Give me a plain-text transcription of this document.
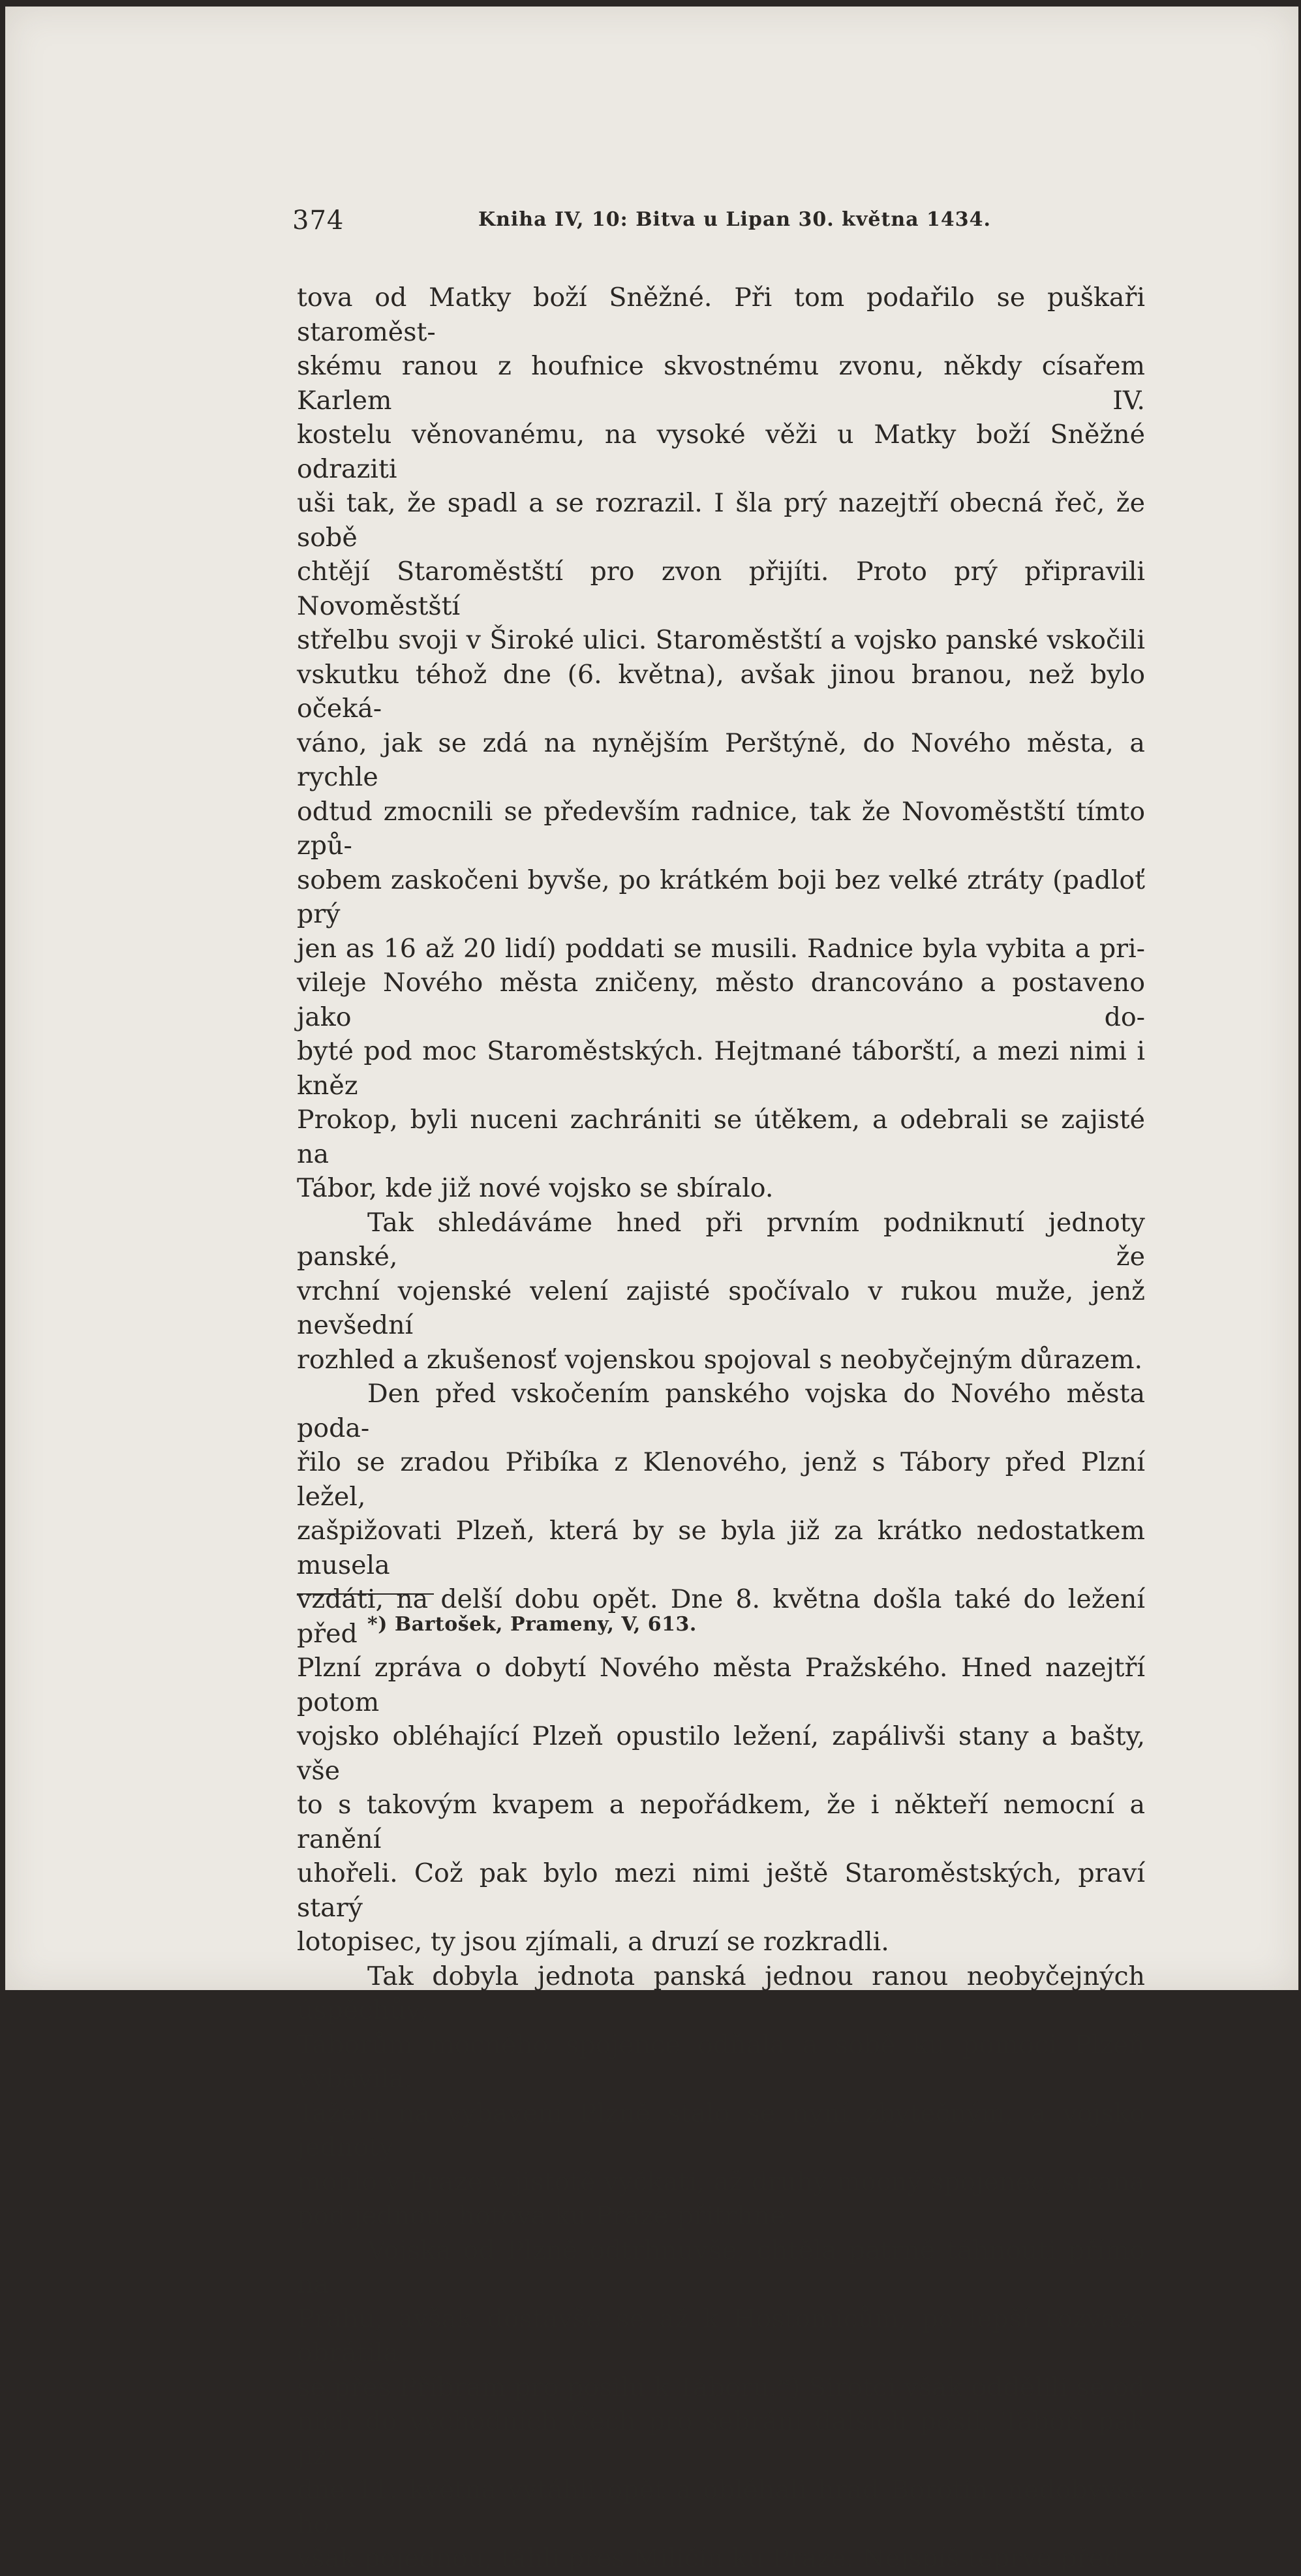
374	Kniha IV, 10: Bitva u Lipan 30. května 1434.

tova od Matky boží Sněžné. Při tom podařilo se puškaři staroměst-
skému ranou z houfnice skvostnému zvonu, někdy císařem Karlem IV.
kostelu věnovanému, na vysoké věži u Matky boží Sněžné odraziti
uši tak, že spadl a se rozrazil. I šla prý nazejtří obecná řeč, že sobě
chtějí Staroměstští pro zvon přijíti. Proto prý připravili Novoměstští
střelbu svoji v Široké ulici. Staroměstští a vojsko panské vskočili
vskutku téhož dne (6. května), avšak jinou branou, než bylo očeká-
váno, jak se zdá na nynějším Perštýně, do Nového města, a rychle
odtud zmocnili se především radnice, tak že Novoměstští tímto způ-
sobem zaskočeni byvše, po krátkém boji bez velké ztráty (padloť prý
jen as 16 až 20 lidí) poddati se musili. Radnice byla vybita a pri-
vileje Nového města zničeny, město drancováno a postaveno jako do-
byté pod moc Staroměstských. Hejtmané táborští, a mezi nimi i kněz
Prokop, byli nuceni zachrániti se útěkem, a odebrali se zajisté na
Tábor, kde již nové vojsko se sbíralo.

Tak shledáváme hned při prvním podniknutí jednoty panské, že
vrchní vojenské velení zajisté spočívalo v rukou muže, jenž nevšední
rozhled a zkušenosť vojenskou spojoval s neobyčejným důrazem.

Den před vskočením panského vojska do Nového města poda-
řilo se zradou Přibíka z Klenového, jenž s Tábory před Plzní ležel,
zašpižovati Plzeň, která by se byla již za krátko nedostatkem musela
vzdáti, na delší dobu opět. Dne 8. května došla také do ležení před
Plzní zpráva o dobytí Nového města Pražského. Hned nazejtří potom
vojsko obléhající Plzeň opustilo ležení, zapálivši stany a bašty, vše
to s takovým kvapem a nepořádkem, že i někteří nemocní a ranění
uhořeli. Což pak bylo mezi nimi ještě Staroměstských, praví starý
lotopisec, ty jsou zjímali, a druzí se rozkradli.

Tak dobyla jednota panská jednou ranou neobyčejných úspěchův;
Táborům mocného spojence odňala a sobě ku pomoci Plzeň vybavila.
Tažení na vybavení Plzně stalo se nyní zbytečným, a vojsko jednoty
mohlo v Praze v jistotě vyčkati, až druhý mocný spojenec, strana
pod jednou, hotova ku Praze přitrhne.

Vojska od Plzně odtrhnuvše, chtěla patrně táhnouti přímo na
Prahu, avšak dostavše se až k Hostomicům, po lepší rozvaze obrátila
se přes Příbram pro posilu k Táboru.*) Sirotci však oddělili se od
nich do východních Čech pro sebrání dalších posil. Tábořì pak již
dne 11. května vytáhli opět a obléhali hrad Borotín, nedobyvše ho
však pojednou, táhli přes Miličín ku Praze. Nejspíš teprve před

*) Bartošek, Prameny, V, 613.
